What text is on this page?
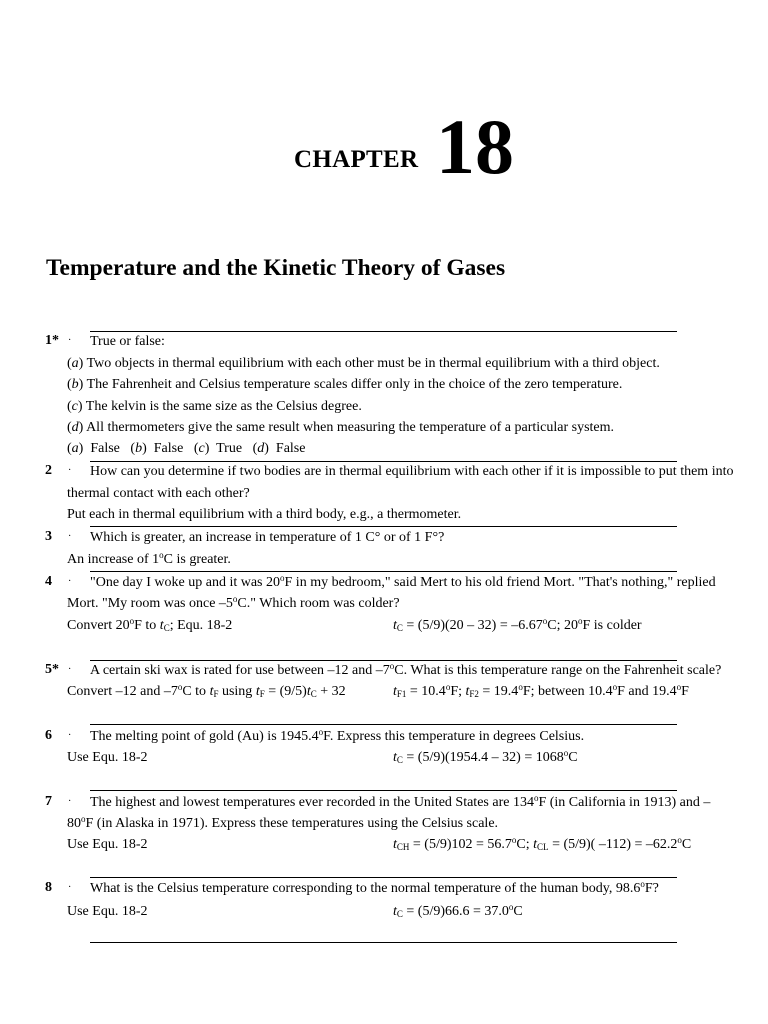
CHAPTER 18
Temperature and the Kinetic Theory of Gases
1* · True or false:
(a) Two objects in thermal equilibrium with each other must be in thermal equilibrium with a third object.
(b) The Fahrenheit and Celsius temperature scales differ only in the choice of the zero temperature.
(c) The kelvin is the same size as the Celsius degree.
(d) All thermometers give the same result when measuring the temperature of a particular system.
(a)  False   (b)  False   (c)  True   (d)  False
2 · How can you determine if two bodies are in thermal equilibrium with each other if it is impossible to put them into
thermal contact with each other?
Put each in thermal equilibrium with a third body, e.g., a thermometer.
3 · Which is greater, an increase in temperature of 1 C° or of 1 F°?
An increase of 1$^o$C is greater.
4 · "One day I woke up and it was 20$^o$F in my bedroom," said Mert to his old friend Mort. "That's nothing," replied
Mort. "My room was once –5$^o$C." Which room was colder?
Convert 20$^o$F to $t_C$; Equ. 18-2	$t_C = (5/9)(20 - 32) = -6.67^oC$; 20$^o$F is colder
5* · A certain ski wax is rated for use between –12 and –7$^o$C. What is this temperature range on the Fahrenheit scale?
Convert –12 and –7$^o$C to $t_F$ using $t_F = (9/5)t_C + 32$	$t_{F1} = 10.4^oF$; $t_{F2} = 19.4^oF$; between 10.4$^o$F and 19.4$^o$F
6 · The melting point of gold (Au) is 1945.4$^o$F. Express this temperature in degrees Celsius.
Use Equ. 18-2	$t_C = (5/9)(1954.4 - 32) = 1068^oC$
7 · The highest and lowest temperatures ever recorded in the United States are 134$^o$F (in California in 1913) and –
80$^o$F (in Alaska in 1971). Express these temperatures using the Celsius scale.
Use Equ. 18-2	$t_{CH} = (5/9)102 = 56.7^oC$; $t_{CL} = (5/9)$( $-112) = -62.2^oC$
8 · What is the Celsius temperature corresponding to the normal temperature of the human body, 98.6$^o$F?
Use Equ. 18-2	$t_C = (5/9)66.6 = 37.0^oC$
